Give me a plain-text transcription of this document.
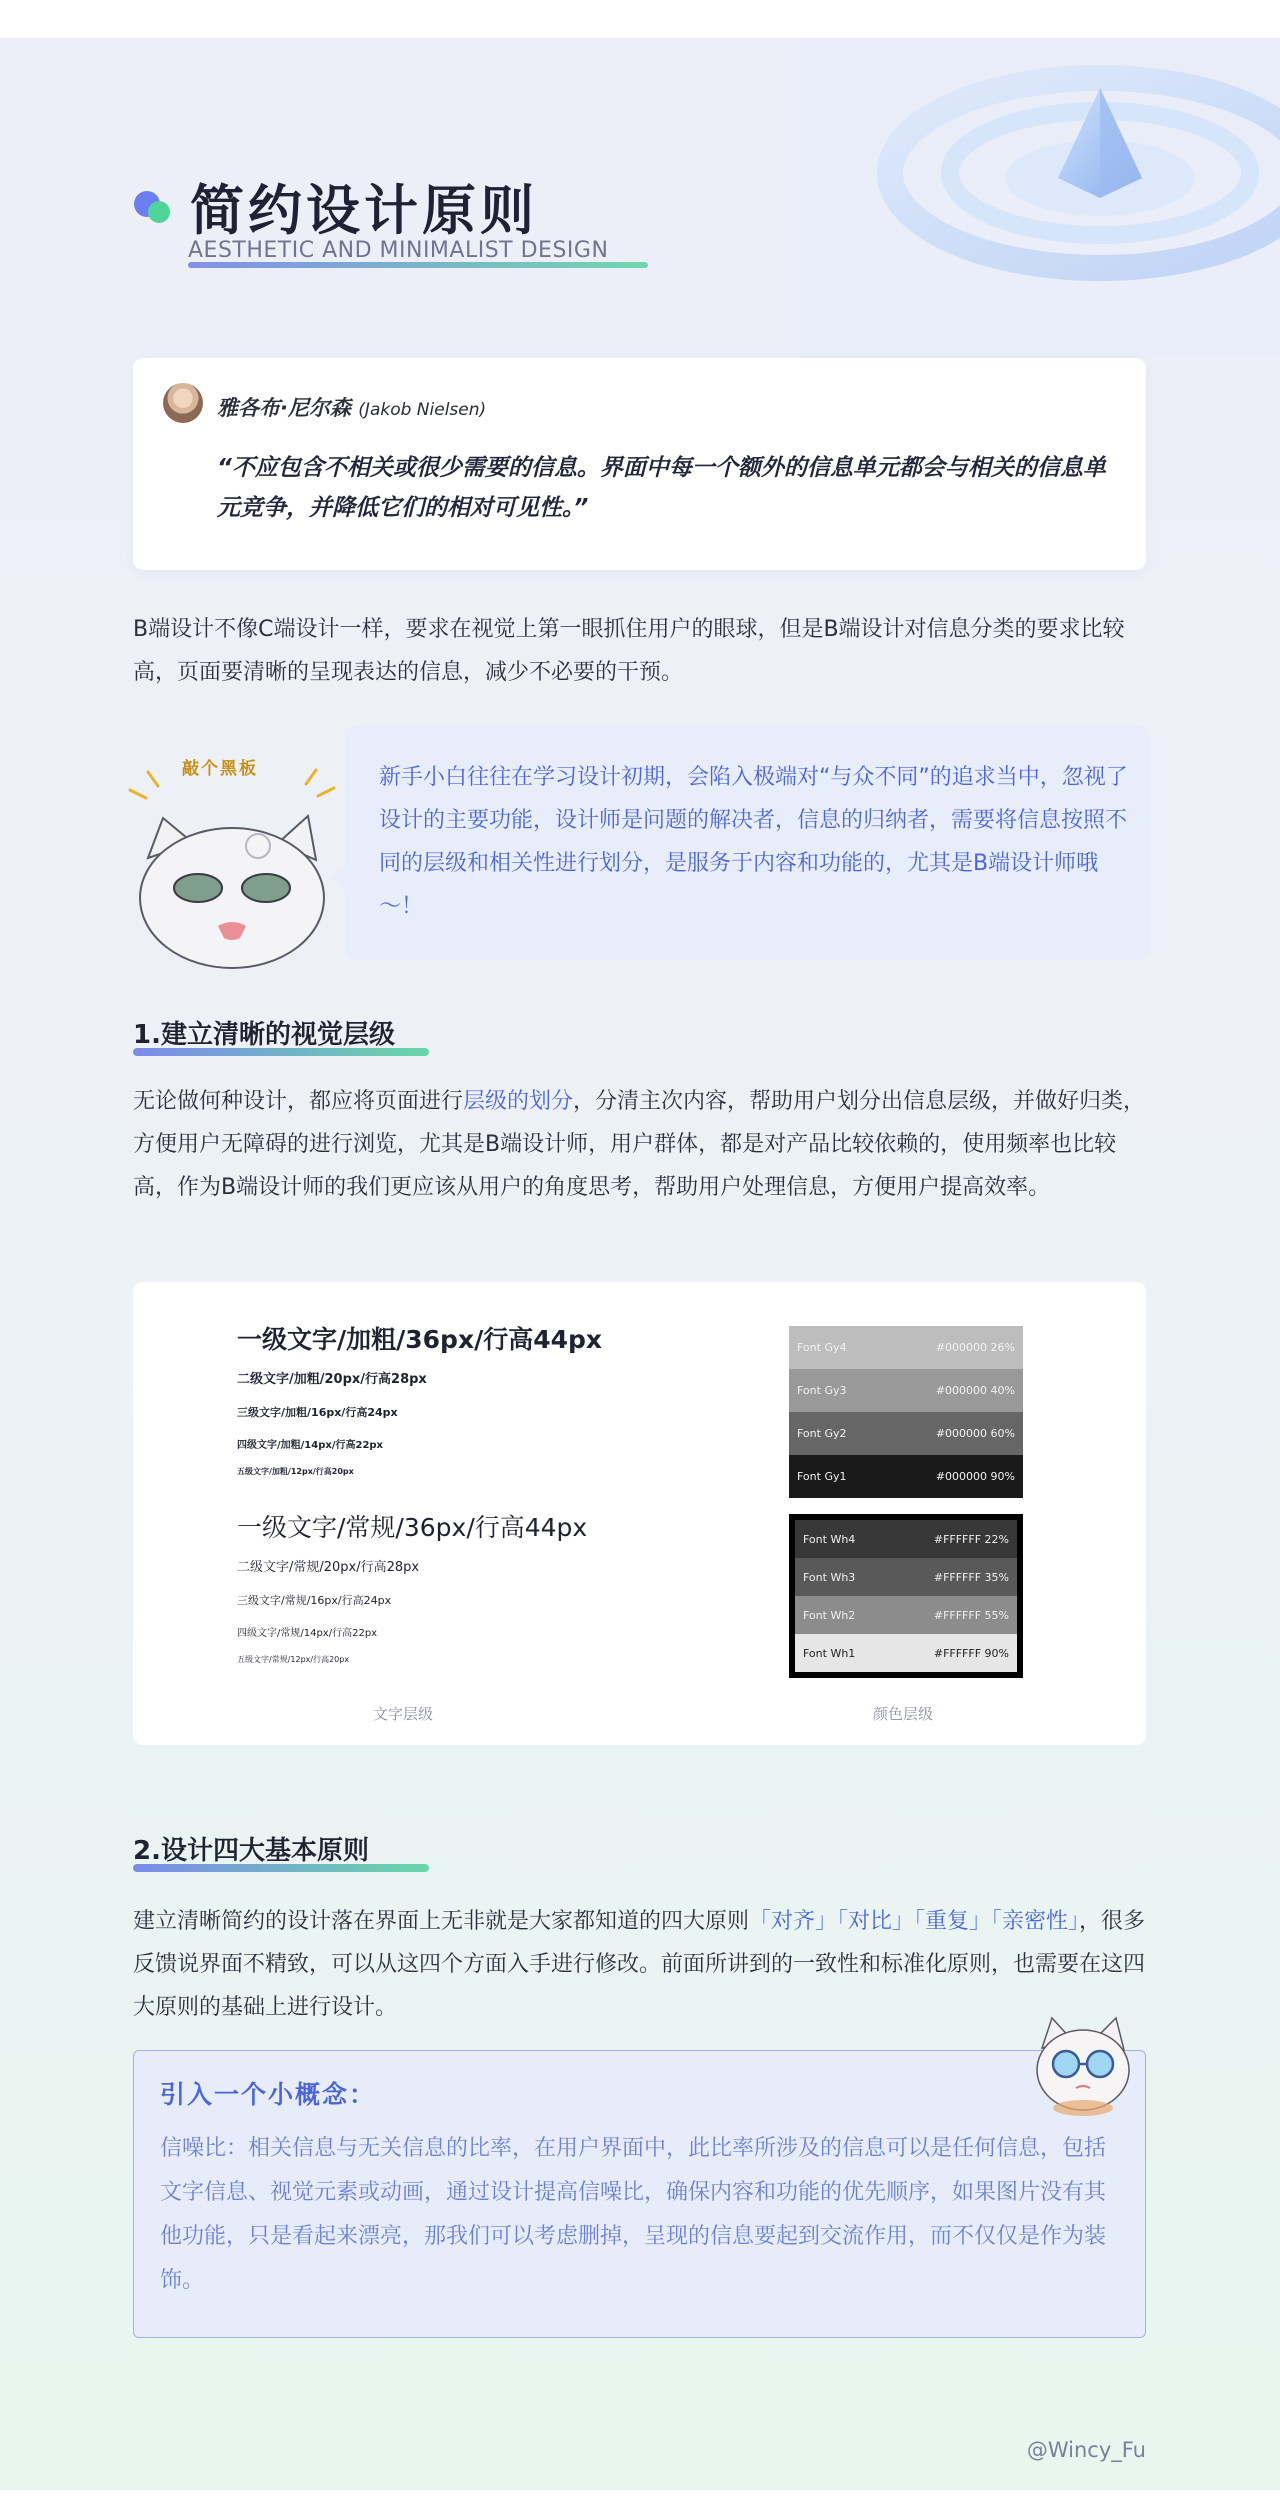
简约设计原则
AESTHETIC AND MINIMALIST DESIGN
雅各布·尼尔森 (Jakob Nielsen)
“不应包含不相关或很少需要的信息。界面中每一个额外的信息单元都会与相关的信息单元竞争，并降低它们的相对可见性。”
B端设计不像C端设计一样，要求在视觉上第一眼抓住用户的眼球，但是B端设计对信息分类的要求比较高，页面要清晰的呈现表达的信息，减少不必要的干预。
敲个黑板	新手小白往往在学习设计初期，会陷入极端对“与众不同”的追求当中，忽视了设计的主要功能，设计师是问题的解决者，信息的归纳者，需要将信息按照不同的层级和相关性进行划分，是服务于内容和功能的，尤其是B端设计师哦～！
1.建立清晰的视觉层级
无论做何种设计，都应将页面进行层级的划分，分清主次内容，帮助用户划分出信息层级，并做好归类，方便用户无障碍的进行浏览，尤其是B端设计师，用户群体，都是对产品比较依赖的，使用频率也比较高，作为B端设计师的我们更应该从用户的角度思考，帮助用户处理信息，方便用户提高效率。
一级文字/加粗/36px/行高44px
二级文字/加粗/20px/行高28px
三级文字/加粗/16px/行高24px
四级文字/加粗/14px/行高22px
五级文字/加粗/12px/行高20px
一级文字/常规/36px/行高44px
二级文字/常规/20px/行高28px
三级文字/常规/16px/行高24px
四级文字/常规/14px/行高22px
五级文字/常规/12px/行高20px
Font Gy4	#000000 26%
Font Gy3	#000000 40%
Font Gy2	#000000 60%
Font Gy1	#000000 90%
Font Wh4	#FFFFFF 22%
Font Wh3	#FFFFFF 35%
Font Wh2	#FFFFFF 55%
Font Wh1	#FFFFFF 90%
文字层级	颜色层级
2.设计四大基本原则
建立清晰简约的设计落在界面上无非就是大家都知道的四大原则「对齐」「对比」「重复」「亲密性」，很多反馈说界面不精致，可以从这四个方面入手进行修改。前面所讲到的一致性和标准化原则，也需要在这四大原则的基础上进行设计。
引入一个小概念：
信噪比：相关信息与无关信息的比率，在用户界面中，此比率所涉及的信息可以是任何信息，包括文字信息、视觉元素或动画，通过设计提高信噪比，确保内容和功能的优先顺序，如果图片没有其他功能，只是看起来漂亮，那我们可以考虑删掉，呈现的信息要起到交流作用，而不仅仅是作为装饰。
@Wincy_Fu
